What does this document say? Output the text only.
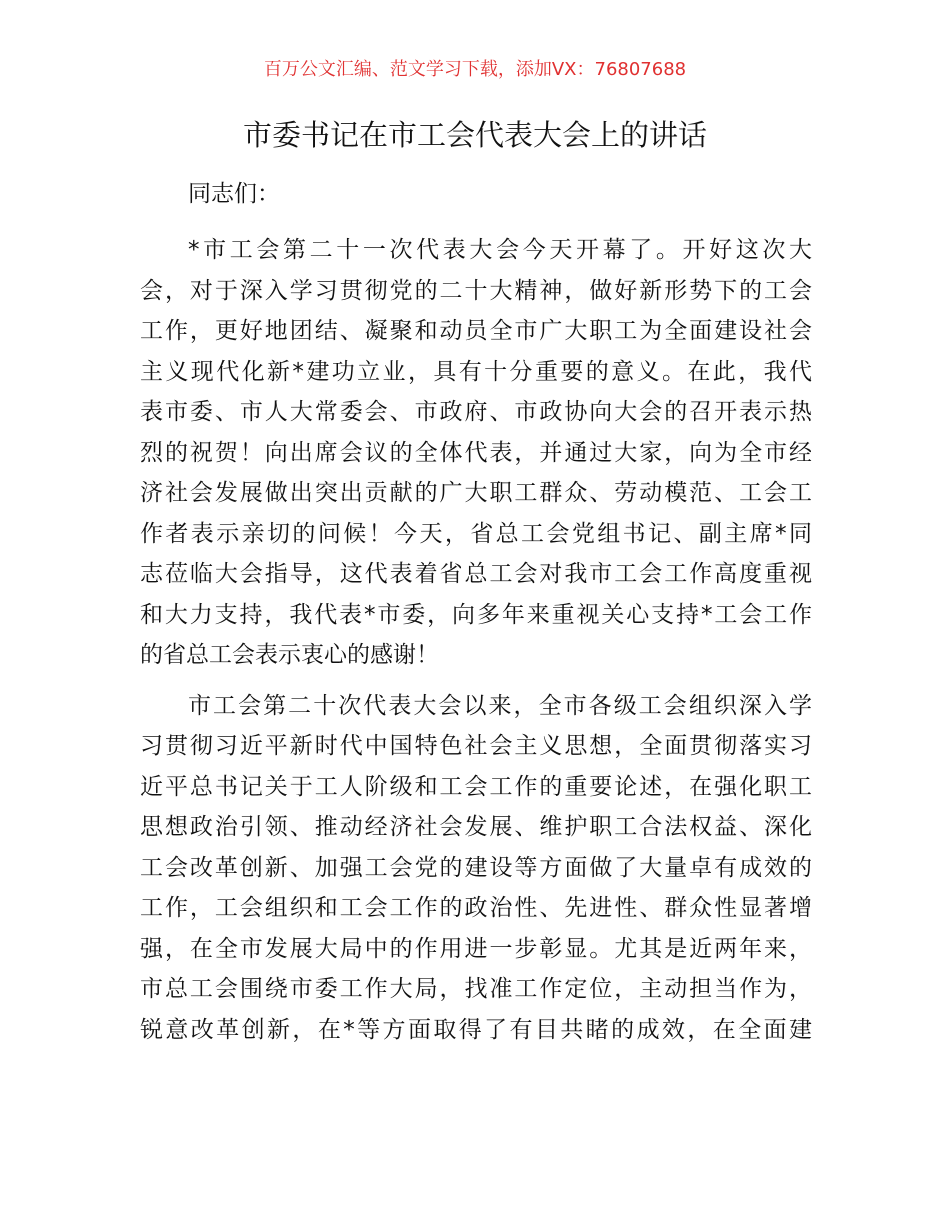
百万公文汇编、范文学习下载，添加VX：76807688
市委书记在市工会代表大会上的讲话

同志们：

*市工会第二十一次代表大会今天开幕了。开好这次大
会，对于深入学习贯彻党的二十大精神，做好新形势下的工会
工作，更好地团结、凝聚和动员全市广大职工为全面建设社会
主义现代化新*建功立业，具有十分重要的意义。在此，我代
表市委、市人大常委会、市政府、市政协向大会的召开表示热
烈的祝贺！向出席会议的全体代表，并通过大家，向为全市经
济社会发展做出突出贡献的广大职工群众、劳动模范、工会工
作者表示亲切的问候！今天，省总工会党组书记、副主席*同
志莅临大会指导，这代表着省总工会对我市工会工作高度重视
和大力支持，我代表*市委，向多年来重视关心支持*工会工作
的省总工会表示衷心的感谢！
市工会第二十次代表大会以来，全市各级工会组织深入学
习贯彻习近平新时代中国特色社会主义思想，全面贯彻落实习
近平总书记关于工人阶级和工会工作的重要论述，在强化职工
思想政治引领、推动经济社会发展、维护职工合法权益、深化
工会改革创新、加强工会党的建设等方面做了大量卓有成效的
工作，工会组织和工会工作的政治性、先进性、群众性显著增
强，在全市发展大局中的作用进一步彰显。尤其是近两年来，
市总工会围绕市委工作大局，找准工作定位，主动担当作为，
锐意改革创新，在*等方面取得了有目共睹的成效，在全面建
